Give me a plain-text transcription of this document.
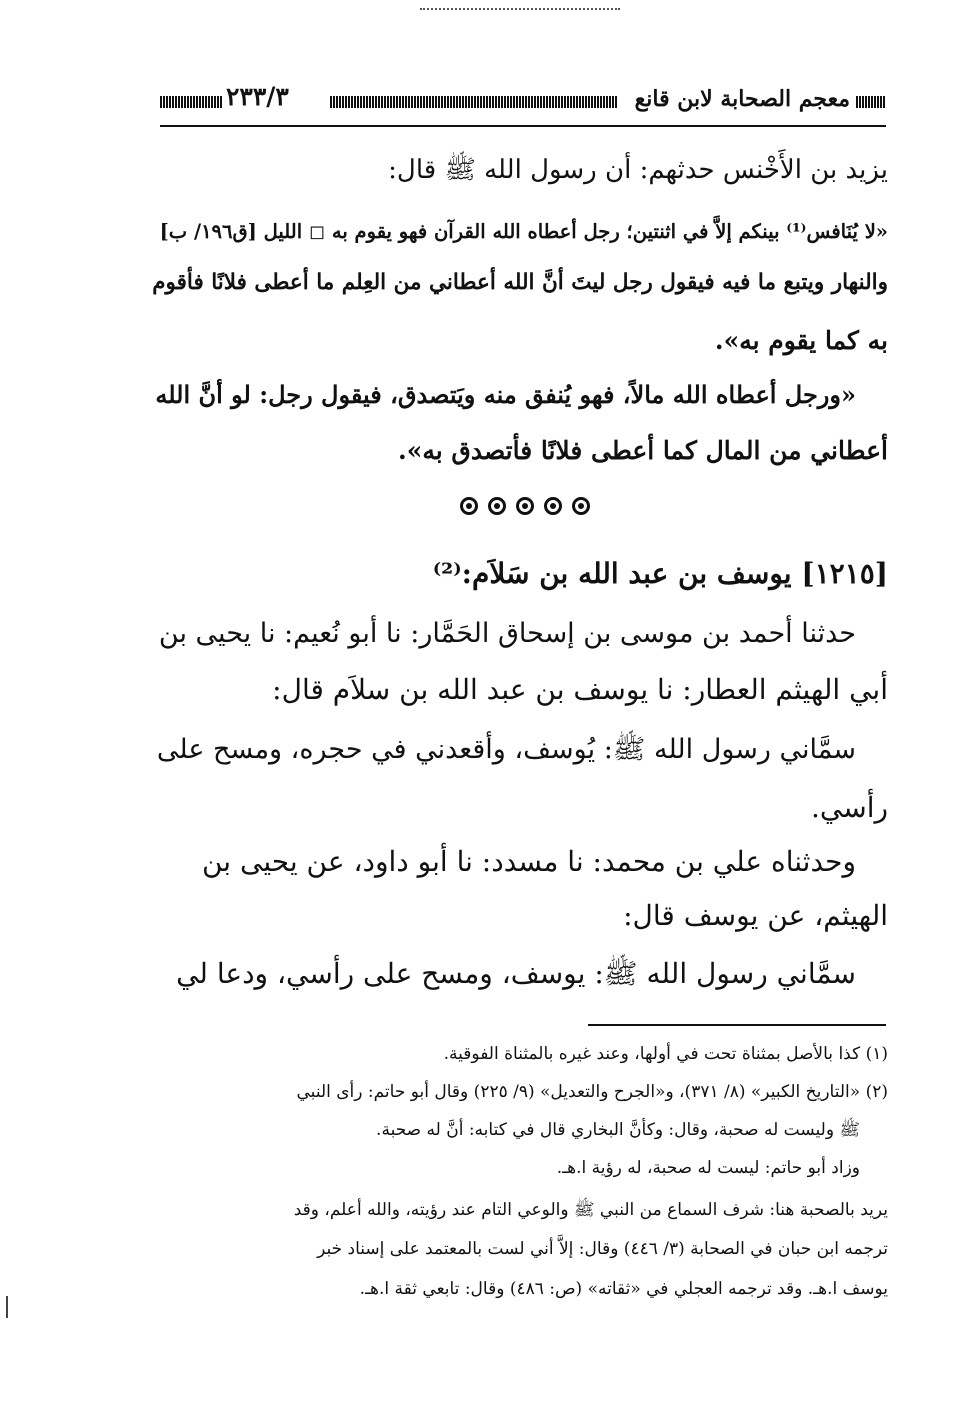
معجم الصحابة لابن قانع
٢٣٣/٣
يزيد بن الأَخْنس حدثهم: أن رسول الله ﷺ قال:
«لا يُنَافس⁽¹⁾ بينكم إلاَّ في اثنتين؛ رجل أعطاه الله القرآن فهو يقوم به ◻ الليل [ق١٩٦/ ب]
والنهار ويتبع ما فيه فيقول رجل ليتَ أنَّ الله أعطاني من العِلم ما أعطى فلانًا فأقوم
به كما يقوم به».
«ورجل أعطاه الله مالاً، فهو يُنفق منه ويَتصدق، فيقول رجل: لو أنَّ الله
أعطاني من المال كما أعطى فلانًا فأتصدق به».
[١٢١٥] يوسف بن عبد الله بن سَلاَم:⁽²⁾
حدثنا أحمد بن موسى بن إسحاق الحَمَّار: نا أبو نُعيم: نا يحيى بن
أبي الهيثم العطار: نا يوسف بن عبد الله بن سلاَم قال:
سمَّاني رسول الله ﷺ: يُوسف، وأقعدني في حجره، ومسح على
رأسي.
وحدثناه علي بن محمد: نا مسدد: نا أبو داود، عن يحيى بن
الهيثم، عن يوسف قال:
سمَّاني رسول الله ﷺ: يوسف، ومسح على رأسي، ودعا لي
(١) كذا بالأصل بمثناة تحت في أولها، وعند غيره بالمثناة الفوقية.
(٢) «التاريخ الكبير» (٨/ ٣٧١)، و«الجرح والتعديل» (٩/ ٢٢٥) وقال أبو حاتم: رأى النبي
ﷺ وليست له صحبة، وقال: وكأنَّ البخاري قال في كتابه: أنَّ له صحبة.
وزاد أبو حاتم: ليست له صحبة، له رؤية ا.هـ.
يريد بالصحبة هنا: شرف السماع من النبي ﷺ والوعي التام عند رؤيته، والله أعلم، وقد
ترجمه ابن حبان في الصحابة (٣/ ٤٤٦) وقال: إلاَّ أني لست بالمعتمد على إسناد خبر
يوسف ا.هـ. وقد ترجمه العجلي في «ثقاته» (ص: ٤٨٦) وقال: تابعي ثقة ا.هـ.
